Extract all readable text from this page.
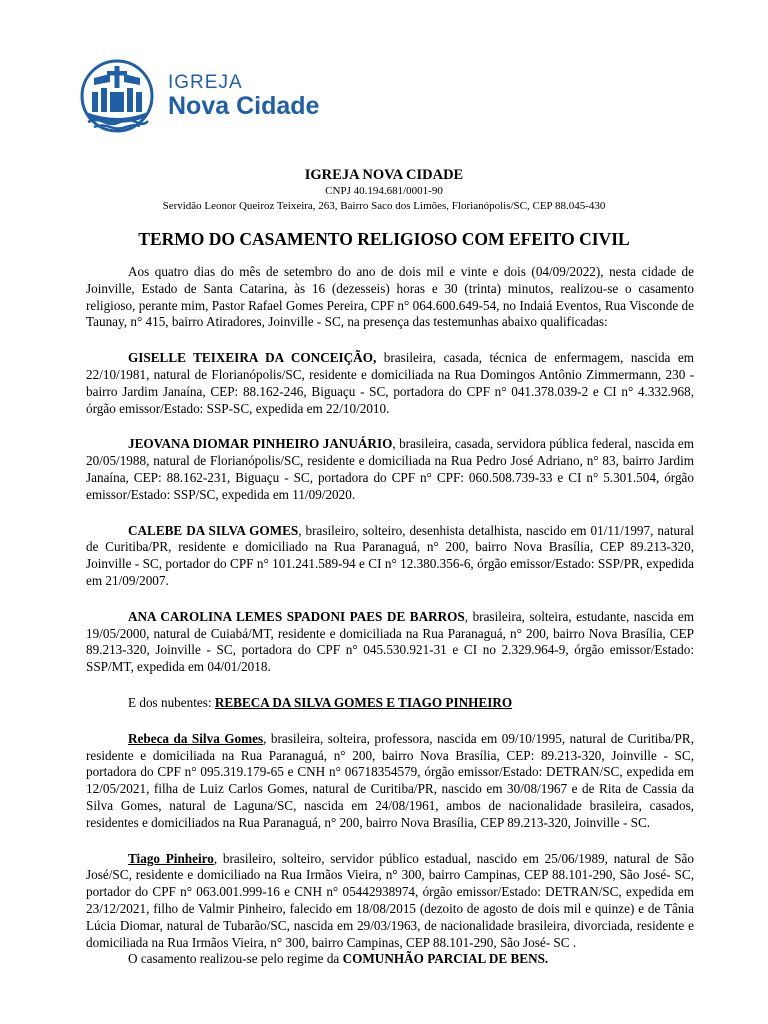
IGREJA
Nova Cidade
IGREJA NOVA CIDADE
CNPJ 40.194.681/0001-90
Servidão Leonor Queiroz Teixeira, 263, Bairro Saco dos Limões, Florianópolis/SC, CEP 88.045-430
TERMO DO CASAMENTO RELIGIOSO COM EFEITO CIVIL

Aos quatro dias do mês de setembro do ano de dois mil e vinte e dois (04/09/2022), nesta cidade de Joinville, Estado de Santa Catarina, às 16 (dezesseis) horas e 30 (trinta) minutos, realizou-se o casamento religioso, perante mim, Pastor Rafael Gomes Pereira, CPF n° 064.600.649-54, no Indaiá Eventos, Rua Visconde de Taunay, n° 415, bairro Atiradores, Joinville - SC, na presença das testemunhas abaixo qualificadas:

GISELLE TEIXEIRA DA CONCEIÇÃO, brasileira, casada, técnica de enfermagem, nascida em 22/10/1981, natural de Florianópolis/SC, residente e domiciliada na Rua Domingos Antônio Zimmermann, 230 - bairro Jardim Janaína, CEP: 88.162-246, Biguaçu - SC, portadora do CPF n° 041.378.039-2 e CI n° 4.332.968, órgão emissor/Estado: SSP-SC, expedida em 22/10/2010.

JEOVANA DIOMAR PINHEIRO JANUÁRIO, brasileira, casada, servidora pública federal, nascida em 20/05/1988, natural de Florianópolis/SC, residente e domiciliada na Rua Pedro José Adriano, n° 83, bairro Jardim Janaína, CEP: 88.162-231, Biguaçu - SC, portadora do CPF n° CPF: 060.508.739-33 e CI n° 5.301.504, órgão emissor/Estado: SSP/SC, expedida em 11/09/2020.

CALEBE DA SILVA GOMES, brasileiro, solteiro, desenhista detalhista, nascido em 01/11/1997, natural de Curitiba/PR, residente e domiciliado na Rua Paranaguá, n° 200, bairro Nova Brasília, CEP 89.213-320, Joinville - SC, portador do CPF n° 101.241.589-94 e CI n° 12.380.356-6, órgão emissor/Estado: SSP/PR, expedida em 21/09/2007.

ANA CAROLINA LEMES SPADONI PAES DE BARROS, brasileira, solteira, estudante, nascida em 19/05/2000, natural de Cuiabá/MT, residente e domiciliada na Rua Paranaguá, n° 200, bairro Nova Brasília, CEP 89.213-320, Joinville - SC, portadora do CPF n° 045.530.921-31 e CI no 2.329.964-9, órgão emissor/Estado: SSP/MT, expedida em 04/01/2018.

E dos nubentes: REBECA DA SILVA GOMES E TIAGO PINHEIRO

Rebeca da Silva Gomes, brasileira, solteira, professora, nascida em 09/10/1995, natural de Curitiba/PR, residente e domiciliada na Rua Paranaguá, n° 200, bairro Nova Brasília, CEP: 89.213-320, Joinville - SC, portadora do CPF n° 095.319.179-65 e CNH n° 06718354579, órgão emissor/Estado: DETRAN/SC, expedida em 12/05/2021, filha de Luiz Carlos Gomes, natural de Curitiba/PR, nascido em 30/08/1967 e de Rita de Cassia da Silva Gomes, natural de Laguna/SC, nascida em 24/08/1961, ambos de nacionalidade brasileira, casados, residentes e domiciliados na Rua Paranaguá, n° 200, bairro Nova Brasília, CEP 89.213-320, Joinville - SC.

Tiago Pinheiro, brasileiro, solteiro, servidor público estadual, nascido em 25/06/1989, natural de São José/SC, residente e domiciliado na Rua Irmãos Vieira, n° 300, bairro Campinas, CEP 88.101-290, São José- SC, portador do CPF n° 063.001.999-16 e CNH n° 05442938974, órgão emissor/Estado: DETRAN/SC, expedida em 23/12/2021, filho de Valmir Pinheiro, falecido em 18/08/2015 (dezoito de agosto de dois mil e quinze) e de Tânia Lúcia Diomar, natural de Tubarão/SC, nascida em 29/03/1963, de nacionalidade brasileira, divorciada, residente e domiciliada na Rua Irmãos Vieira, n° 300, bairro Campinas, CEP 88.101-290, São José- SC .

O casamento realizou-se pelo regime da COMUNHÃO PARCIAL DE BENS.
